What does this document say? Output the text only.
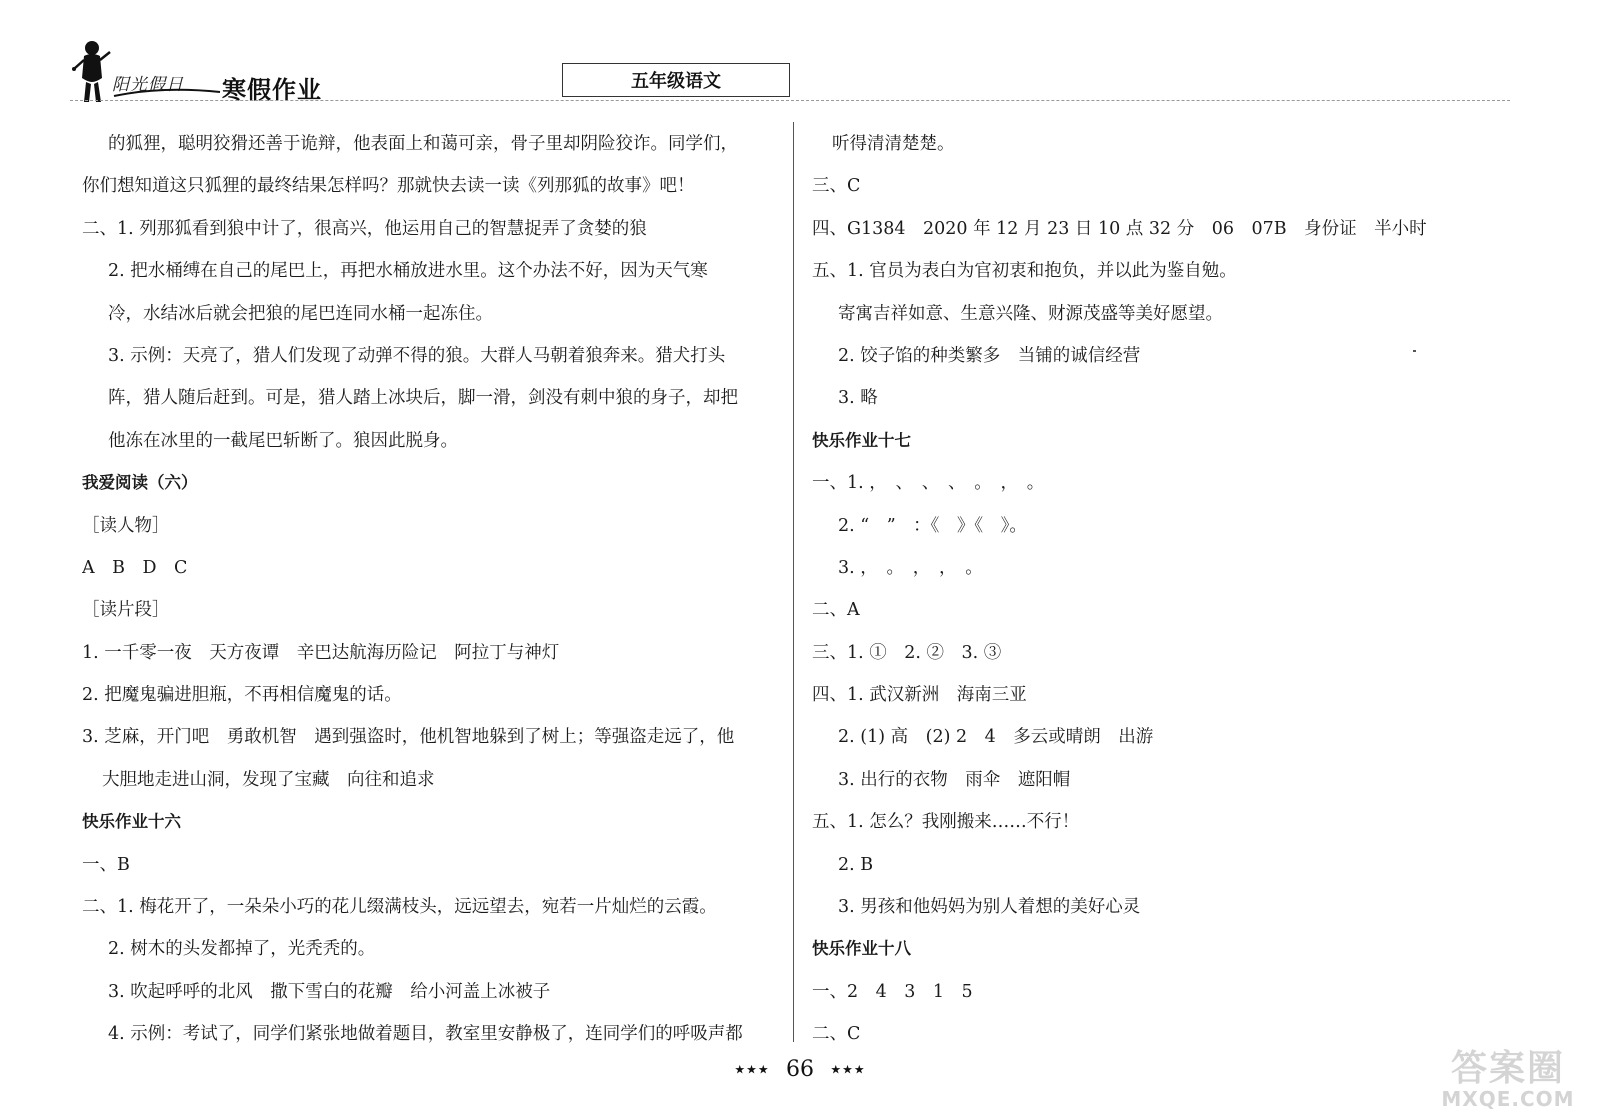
阳光假日 寒假作业	五年级语文
的狐狸，聪明狡猾还善于诡辩，他表面上和蔼可亲，骨子里却阴险狡诈。同学们，
你们想知道这只狐狸的最终结果怎样吗？那就快去读一读《列那狐的故事》吧！
二、1. 列那狐看到狼中计了，很高兴，他运用自己的智慧捉弄了贪婪的狼
2. 把水桶缚在自己的尾巴上，再把水桶放进水里。这个办法不好，因为天气寒
冷，水结冰后就会把狼的尾巴连同水桶一起冻住。
3. 示例：天亮了，猎人们发现了动弹不得的狼。大群人马朝着狼奔来。猎犬打头
阵，猎人随后赶到。可是，猎人踏上冰块后，脚一滑，剑没有刺中狼的身子，却把
他冻在冰里的一截尾巴斩断了。狼因此脱身。
我爱阅读（六）
［读人物］
A　B　D　C
［读片段］
1. 一千零一夜　天方夜谭　辛巴达航海历险记　阿拉丁与神灯
2. 把魔鬼骗进胆瓶，不再相信魔鬼的话。
3. 芝麻，开门吧　勇敢机智　遇到强盗时，他机智地躲到了树上；等强盗走远了，他
大胆地走进山洞，发现了宝藏　向往和追求
快乐作业十六
一、B
二、1. 梅花开了，一朵朵小巧的花儿缀满枝头，远远望去，宛若一片灿烂的云霞。
2. 树木的头发都掉了，光秃秃的。
3. 吹起呼呼的北风　撒下雪白的花瓣　给小河盖上冰被子
4. 示例：考试了，同学们紧张地做着题目，教室里安静极了，连同学们的呼吸声都
听得清清楚楚。
三、C
四、G1384　2020 年 12 月 23 日 10 点 32 分　06　07B　身份证　半小时
五、1. 官员为表白为官初衷和抱负，并以此为鉴自勉。
寄寓吉祥如意、生意兴隆、财源茂盛等美好愿望。
2. 饺子馅的种类繁多　当铺的诚信经营
3. 略
快乐作业十七
一、1. ，　、　、　、　。　，　。
2. “　”　：《　》《　》。
3. ，　。　，　，　。
二、A
三、1. ①　2. ②　3. ③
四、1. 武汉新洲　海南三亚
2. (1) 高　(2) 2　4　多云或晴朗　出游
3. 出行的衣物　雨伞　遮阳帽
五、1. 怎么？我刚搬来……不行！
2. B
3. 男孩和他妈妈为别人着想的美好心灵
快乐作业十八
一、2　4　3　1　5
二、C
★★★ 66 ★★★	答案圈
MXQE.COM
